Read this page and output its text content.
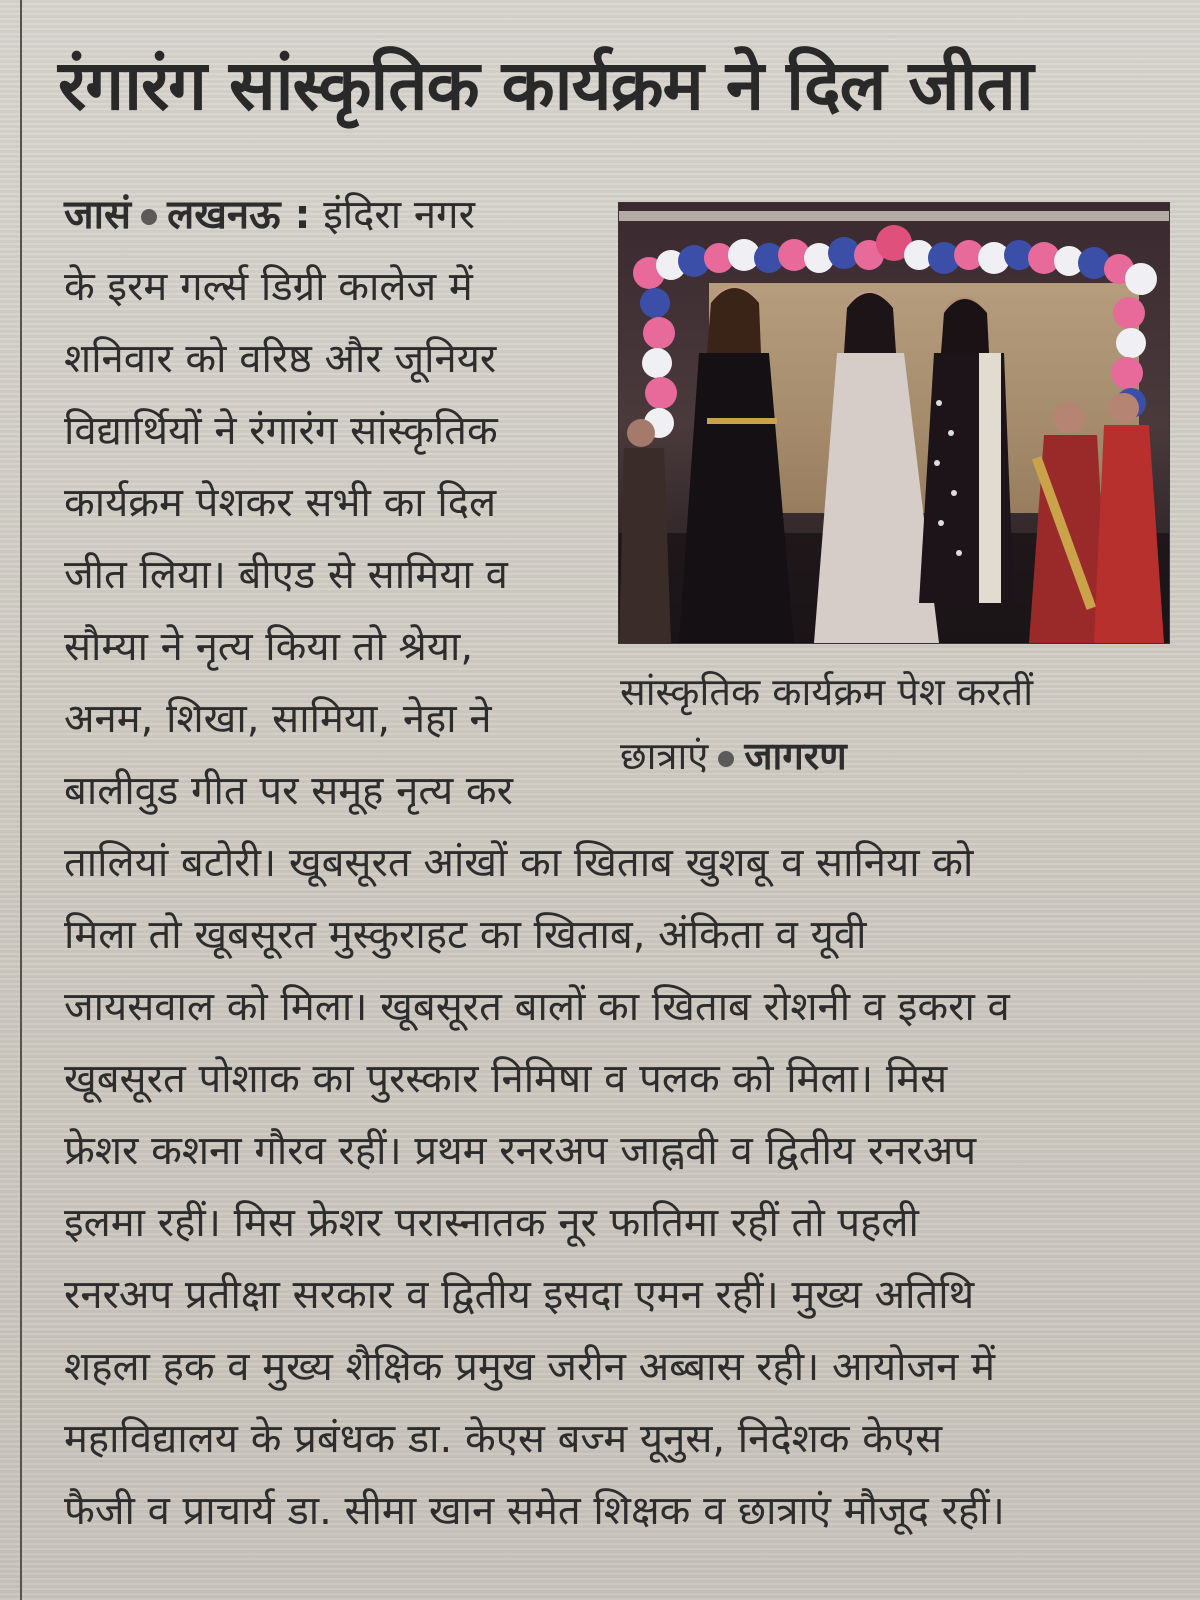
रंगारंग सांस्कृतिक कार्यक्रम ने दिल जीता

जासं लखनऊ : इंदिरा नगर

के इरम गर्ल्स डिग्री कालेज में

शनिवार को वरिष्ठ और जूनियर

विद्यार्थियों ने रंगारंग सांस्कृतिक

कार्यक्रम पेशकर सभी का दिल

जीत लिया। बीएड से सामिया व

सौम्या ने नृत्य किया तो श्रेया,

अनम, शिखा, सामिया, नेहा ने

बालीवुड गीत पर समूह नृत्य कर

तालियां बटोरी। खूबसूरत आंखों का खिताब खुशबू व सानिया को

मिला तो खूबसूरत मुस्कुराहट का खिताब, अंकिता व यूवी

जायसवाल को मिला। खूबसूरत बालों का खिताब रोशनी व इकरा व

खूबसूरत पोशाक का पुरस्कार निमिषा व पलक को मिला। मिस

फ्रेशर कशना गौरव रहीं। प्रथम रनरअप जाह्नवी व द्वितीय रनरअप

इलमा रहीं। मिस फ्रेशर परास्नातक नूर फातिमा रहीं तो पहली

रनरअप प्रतीक्षा सरकार व द्वितीय इसदा एमन रहीं। मुख्य अतिथि

शहला हक व मुख्य शैक्षिक प्रमुख जरीन अब्बास रही। आयोजन में

महाविद्यालय के प्रबंधक डा. केएस बज्म यूनुस, निदेशक केएस

फैजी व प्राचार्य डा. सीमा खान समेत शिक्षक व छात्राएं मौजूद रहीं।

सांस्कृतिक कार्यक्रम पेश करतीं

छात्राएं जागरण
